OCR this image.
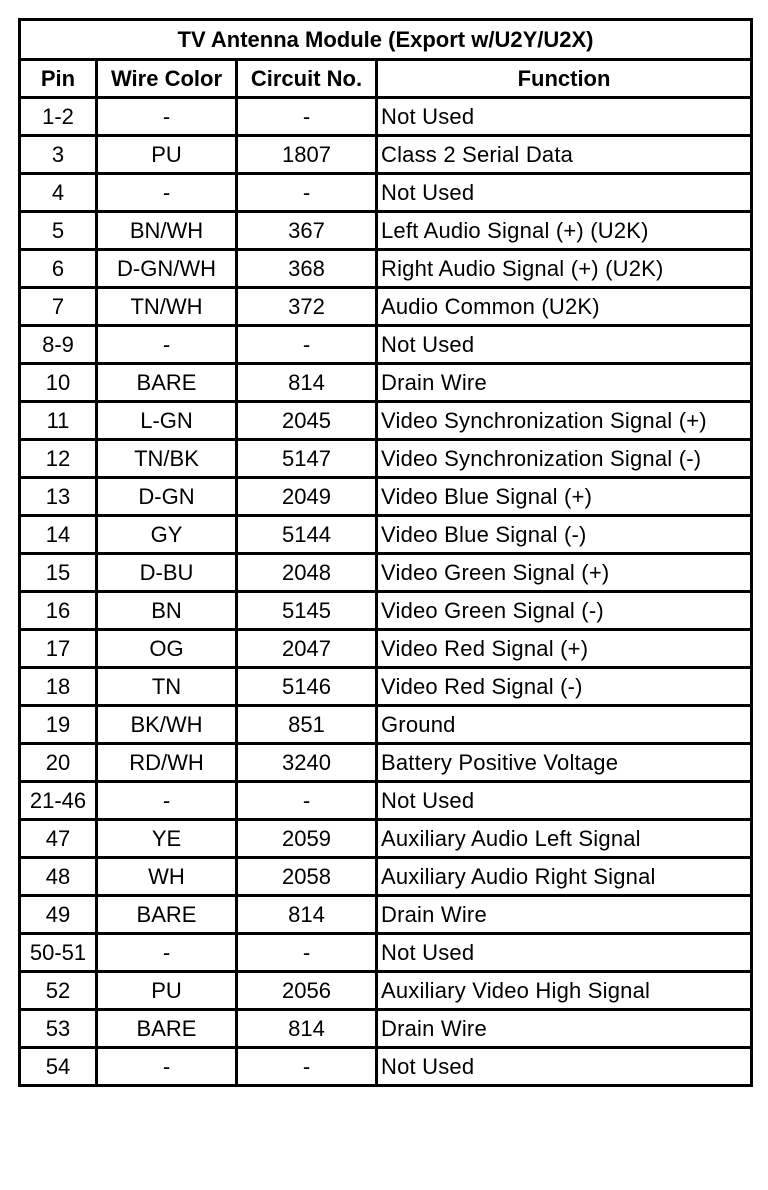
TV Antenna Module (Export w/U2Y/U2X)			
Pin	Wire Color	Circuit No.	Function
1-2	-	-	Not Used
3	PU	1807	Class 2 Serial Data
4	-	-	Not Used
5	BN/WH	367	Left Audio Signal (+) (U2K)
6	D-GN/WH	368	Right Audio Signal (+) (U2K)
7	TN/WH	372	Audio Common (U2K)
8-9	-	-	Not Used
10	BARE	814	Drain Wire
11	L-GN	2045	Video Synchronization Signal (+)
12	TN/BK	5147	Video Synchronization Signal (-)
13	D-GN	2049	Video Blue Signal (+)
14	GY	5144	Video Blue Signal (-)
15	D-BU	2048	Video Green Signal (+)
16	BN	5145	Video Green Signal (-)
17	OG	2047	Video Red Signal (+)
18	TN	5146	Video Red Signal (-)
19	BK/WH	851	Ground
20	RD/WH	3240	Battery Positive Voltage
21-46	-	-	Not Used
47	YE	2059	Auxiliary Audio Left Signal
48	WH	2058	Auxiliary Audio Right Signal
49	BARE	814	Drain Wire
50-51	-	-	Not Used
52	PU	2056	Auxiliary Video High Signal
53	BARE	814	Drain Wire
54	-	-	Not Used
